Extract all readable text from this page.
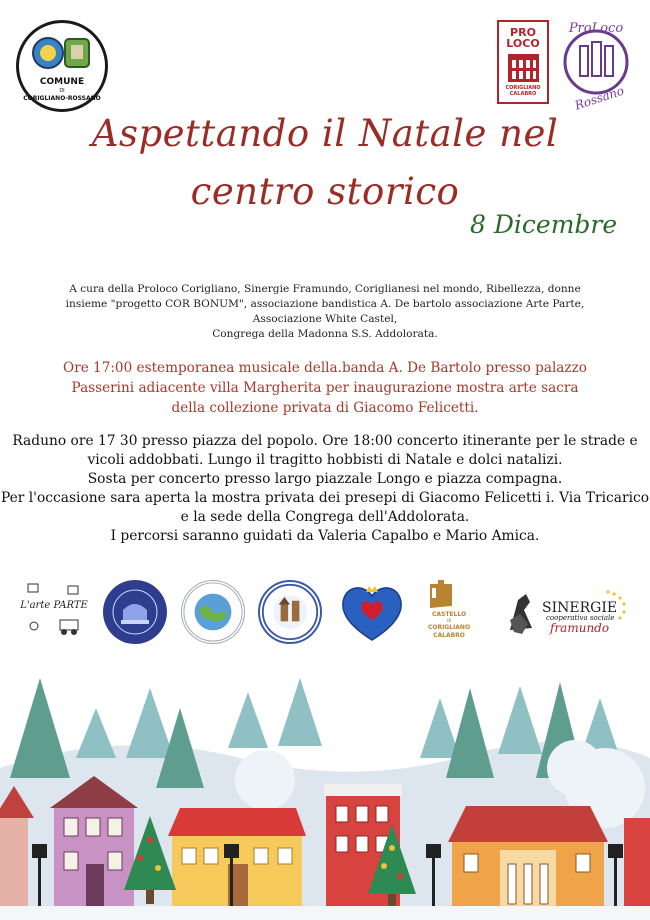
COMUNE
DI
CORIGLIANO-ROSSANO
PRO
LOCO
CORIGLIANO
CALABRO
ProLoco
Rossano
Aspettando il Natale nel
centro storico
8 Dicembre
A cura della Proloco Corigliano, Sinergie Framundo, Coriglianesi nel mondo, Ribellezza, donne
insieme "progetto COR BONUM", associazione bandistica A. De bartolo associazione Arte Parte,
Associazione White Castel,
Congrega della Madonna S.S. Addolorata.
Ore 17:00 estemporanea musicale della.banda A. De Bartolo presso palazzo
Passerini adiacente villa Margherita per inaugurazione mostra arte sacra
della collezione privata di Giacomo Felicetti.
Raduno ore 17 30 presso piazza del popolo. Ore 18:00 concerto itinerante per le strade e
vicoli addobbati. Lungo il tragitto hobbisti di Natale e dolci natalizi.
Sosta per concerto presso largo piazzale Longo e piazza compagna.
Per l'occasione sara aperta la mostra privata dei presepi di Giacomo Felicetti i. Via Tricarico
e la sede della Congrega dell'Addolorata.
I percorsi saranno guidati da Valeria Capalbo e Mario Amica.
L'arte PARTE
CASTELLO
di
CORIGLIANO
CALABRO
SINERGIE
cooperativa sociale
framundo
